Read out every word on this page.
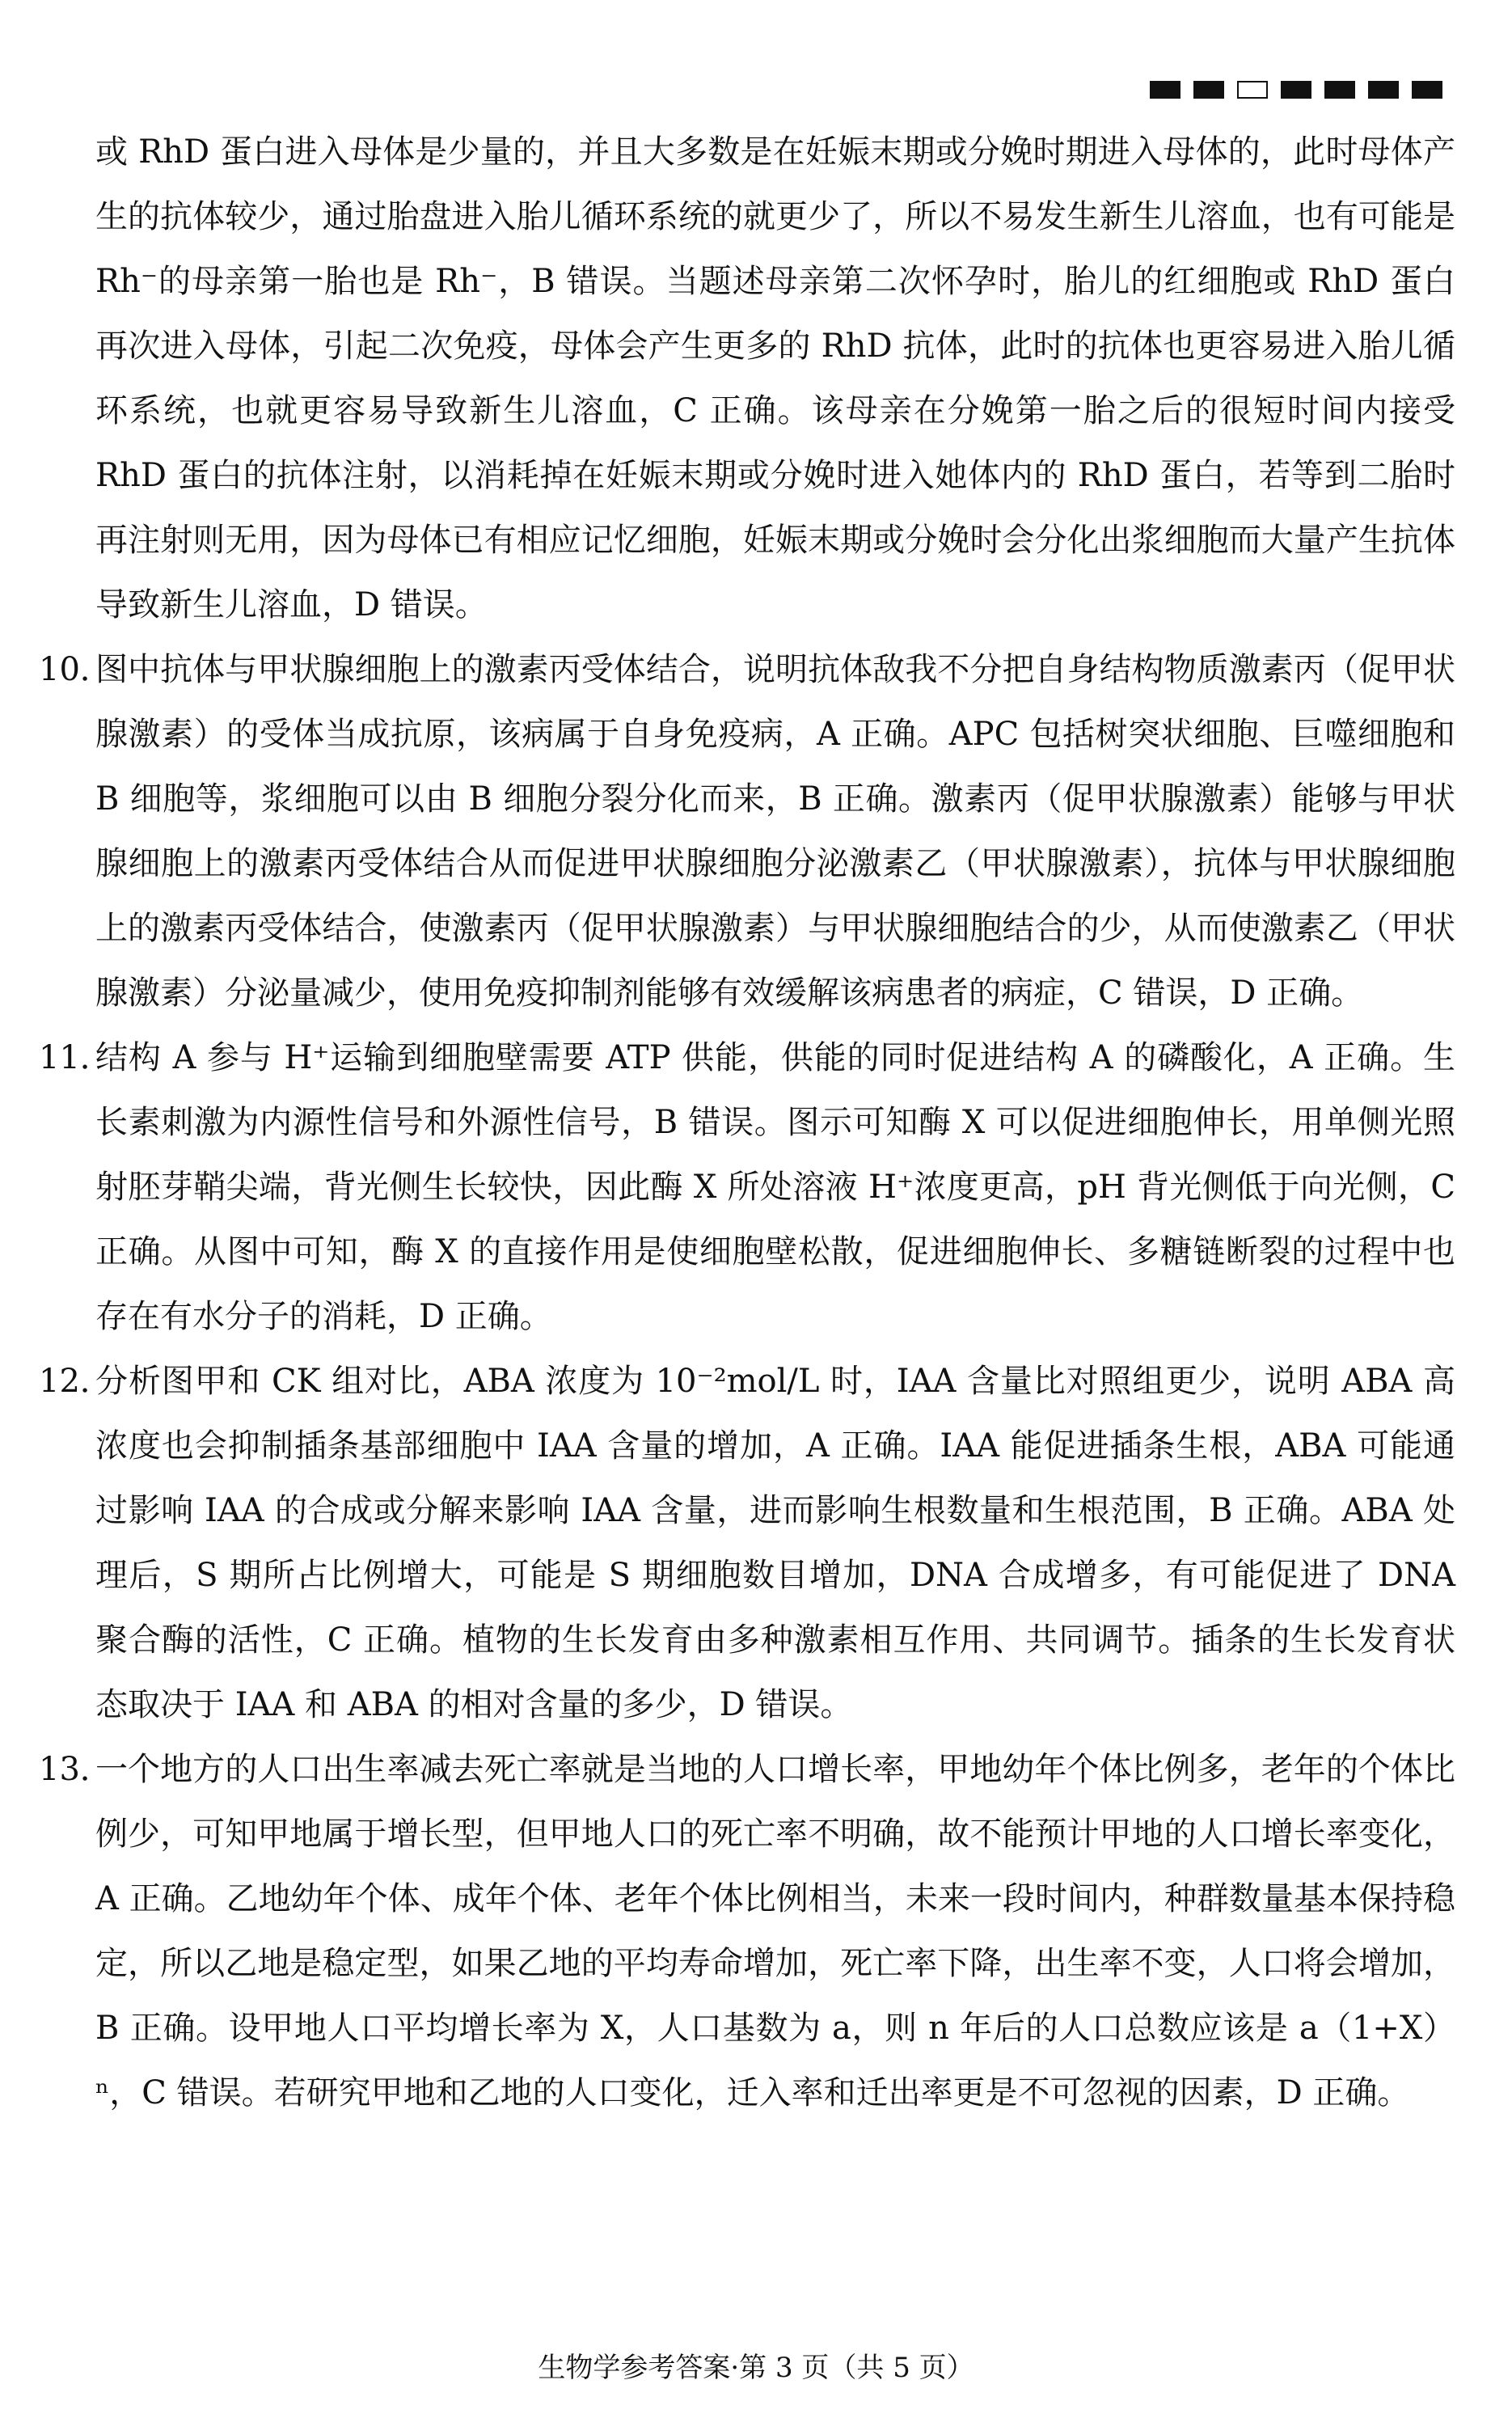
或 RhD 蛋白进入母体是少量的，并且大多数是在妊娠末期或分娩时期进入母体的，此时母体产生的抗体较少，通过胎盘进入胎儿循环系统的就更少了，所以不易发生新生儿溶血，也有可能是 Rh⁻的母亲第一胎也是 Rh⁻，B 错误。当题述母亲第二次怀孕时，胎儿的红细胞或 RhD 蛋白再次进入母体，引起二次免疫，母体会产生更多的 RhD 抗体，此时的抗体也更容易进入胎儿循环系统，也就更容易导致新生儿溶血，C 正确。该母亲在分娩第一胎之后的很短时间内接受 RhD 蛋白的抗体注射，以消耗掉在妊娠末期或分娩时进入她体内的 RhD 蛋白，若等到二胎时再注射则无用，因为母体已有相应记忆细胞，妊娠末期或分娩时会分化出浆细胞而大量产生抗体导致新生儿溶血，D 错误。

10．
图中抗体与甲状腺细胞上的激素丙受体结合，说明抗体敌我不分把自身结构物质激素丙（促甲状腺激素）的受体当成抗原，该病属于自身免疫病，A 正确。APC 包括树突状细胞、巨噬细胞和 B 细胞等，浆细胞可以由 B 细胞分裂分化而来，B 正确。激素丙（促甲状腺激素）能够与甲状腺细胞上的激素丙受体结合从而促进甲状腺细胞分泌激素乙（甲状腺激素），抗体与甲状腺细胞上的激素丙受体结合，使激素丙（促甲状腺激素）与甲状腺细胞结合的少，从而使激素乙（甲状腺激素）分泌量减少，使用免疫抑制剂能够有效缓解该病患者的病症，C 错误，D 正确。
11．
结构 A 参与 H⁺运输到细胞壁需要 ATP 供能，供能的同时促进结构 A 的磷酸化，A 正确。生长素刺激为内源性信号和外源性信号，B 错误。图示可知酶 X 可以促进细胞伸长，用单侧光照射胚芽鞘尖端，背光侧生长较快，因此酶 X 所处溶液 H⁺浓度更高，pH 背光侧低于向光侧，C 正确。从图中可知，酶 X 的直接作用是使细胞壁松散，促进细胞伸长、多糖链断裂的过程中也存在有水分子的消耗，D 正确。
12．
分析图甲和 CK 组对比，ABA 浓度为 10⁻²mol/L 时，IAA 含量比对照组更少，说明 ABA 高浓度也会抑制插条基部细胞中 IAA 含量的增加，A 正确。IAA 能促进插条生根，ABA 可能通过影响 IAA 的合成或分解来影响 IAA 含量，进而影响生根数量和生根范围，B 正确。ABA 处理后，S 期所占比例增大，可能是 S 期细胞数目增加，DNA 合成增多，有可能促进了 DNA 聚合酶的活性，C 正确。植物的生长发育由多种激素相互作用、共同调节。插条的生长发育状态取决于 IAA 和 ABA 的相对含量的多少，D 错误。
13．
一个地方的人口出生率减去死亡率就是当地的人口增长率，甲地幼年个体比例多，老年的个体比例少，可知甲地属于增长型，但甲地人口的死亡率不明确，故不能预计甲地的人口增长率变化，A 正确。乙地幼年个体、成年个体、老年个体比例相当，未来一段时间内，种群数量基本保持稳定，所以乙地是稳定型，如果乙地的平均寿命增加，死亡率下降，出生率不变，人口将会增加，B 正确。设甲地人口平均增长率为 X，人口基数为 a，则 n 年后的人口总数应该是 a（1+X）ⁿ，C 错误。若研究甲地和乙地的人口变化，迁入率和迁出率更是不可忽视的因素，D 正确。
生物学参考答案·第 3 页（共 5 页）
